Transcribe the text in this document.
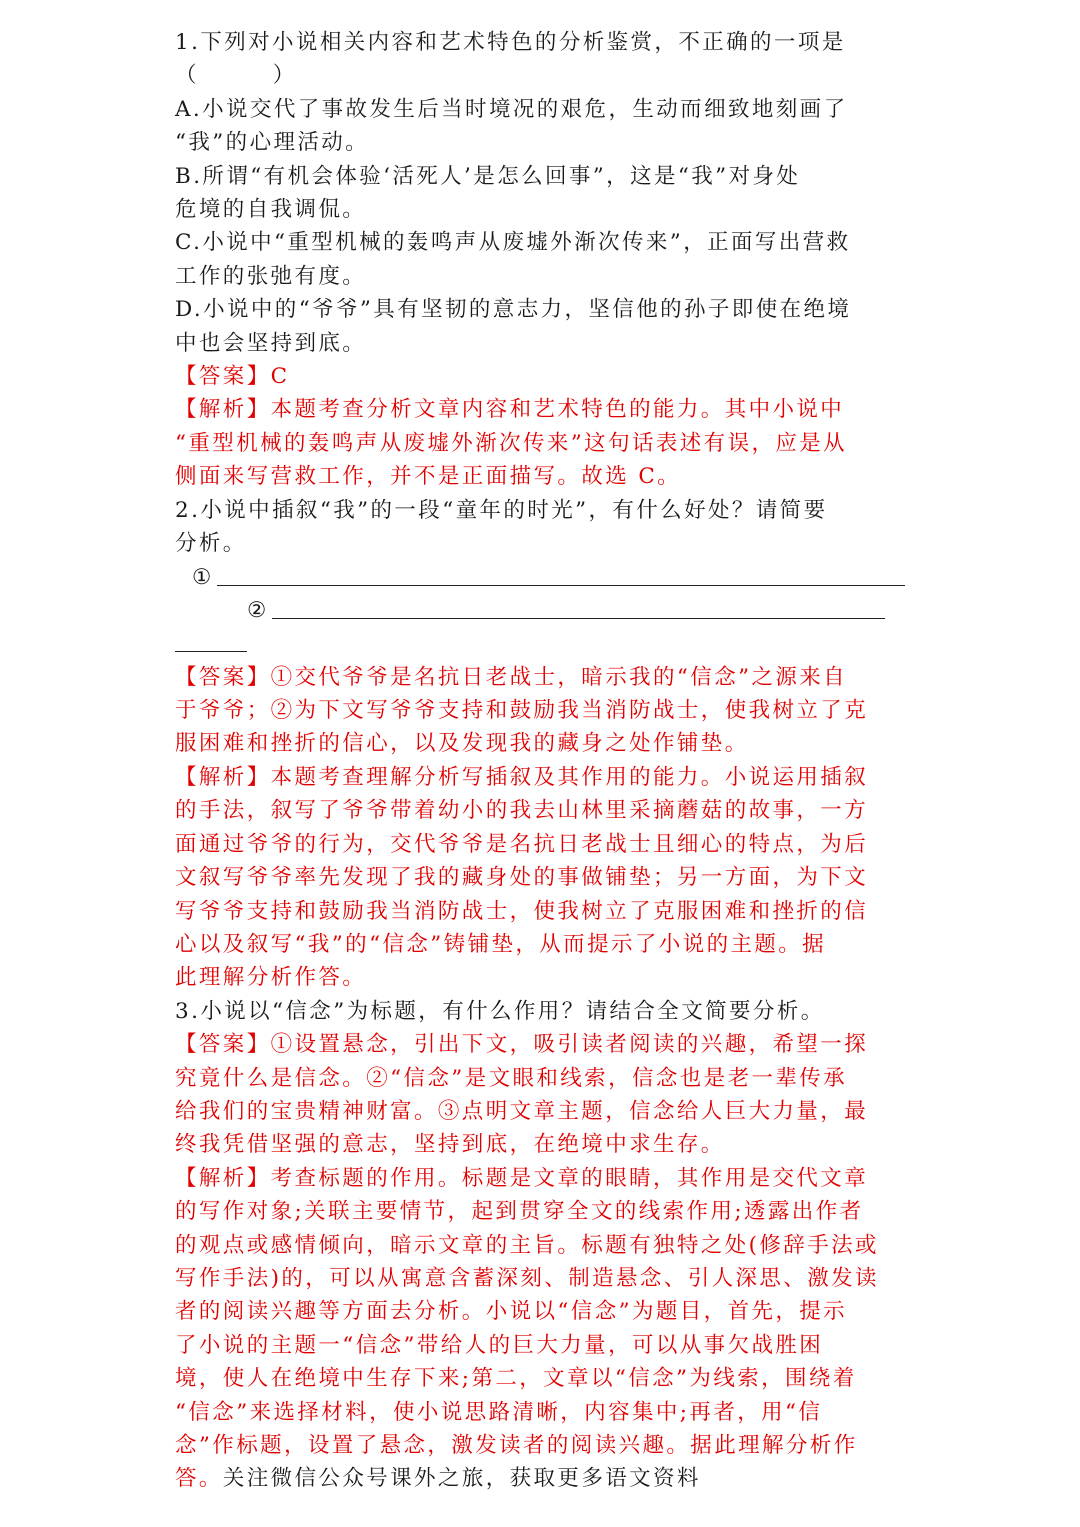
1.下列对小说相关内容和艺术特色的分析鉴赏，不正确的一项是

（        ）

A.小说交代了事故发生后当时境况的艰危，生动而细致地刻画了

“我”的心理活动。

B.所谓“有机会体验‘活死人’是怎么回事”，这是“我”对身处

危境的自我调侃。

C.小说中“重型机械的轰鸣声从废墟外渐次传来”，正面写出营救

工作的张弛有度。

D.小说中的“爷爷”具有坚韧的意志力，坚信他的孙子即使在绝境

中也会坚持到底。

【答案】C

【解析】本题考查分析文章内容和艺术特色的能力。其中小说中

“重型机械的轰鸣声从废墟外渐次传来”这句话表述有误，应是从

侧面来写营救工作，并不是正面描写。故选 C。

2.小说中插叙“我”的一段“童年的时光”，有什么好处？请简要

分析。

①
②

【答案】①交代爷爷是名抗日老战士，暗示我的“信念”之源来自

于爷爷；②为下文写爷爷支持和鼓励我当消防战士，使我树立了克

服困难和挫折的信心，以及发现我的藏身之处作铺垫。

【解析】本题考查理解分析写插叙及其作用的能力。小说运用插叙

的手法，叙写了爷爷带着幼小的我去山林里采摘蘑菇的故事，一方

面通过爷爷的行为，交代爷爷是名抗日老战士且细心的特点，为后

文叙写爷爷率先发现了我的藏身处的事做铺垫；另一方面，为下文

写爷爷支持和鼓励我当消防战士，使我树立了克服困难和挫折的信

心以及叙写“我”的“信念”铸铺垫，从而提示了小说的主题。据

此理解分析作答。

3.小说以“信念”为标题，有什么作用？请结合全文简要分析。

【答案】①设置悬念，引出下文，吸引读者阅读的兴趣，希望一探

究竟什么是信念。②“信念”是文眼和线索，信念也是老一辈传承

给我们的宝贵精神财富。③点明文章主题，信念给人巨大力量，最

终我凭借坚强的意志，坚持到底，在绝境中求生存。

【解析】考查标题的作用。标题是文章的眼睛，其作用是交代文章

的写作对象;关联主要情节，起到贯穿全文的线索作用;透露出作者

的观点或感情倾向，暗示文章的主旨。标题有独特之处(修辞手法或

写作手法)的，可以从寓意含蓄深刻、制造悬念、引人深思、激发读

者的阅读兴趣等方面去分析。小说以“信念”为题目，首先，提示

了小说的主题一“信念”带给人的巨大力量，可以从事欠战胜困

境，使人在绝境中生存下来;第二，文章以“信念”为线索，围绕着

“信念”来选择材料，使小说思路清晰，内容集中;再者，用“信

念”作标题，设置了悬念，激发读者的阅读兴趣。据此理解分析作

答。关注微信公众号课外之旅，获取更多语文资料
